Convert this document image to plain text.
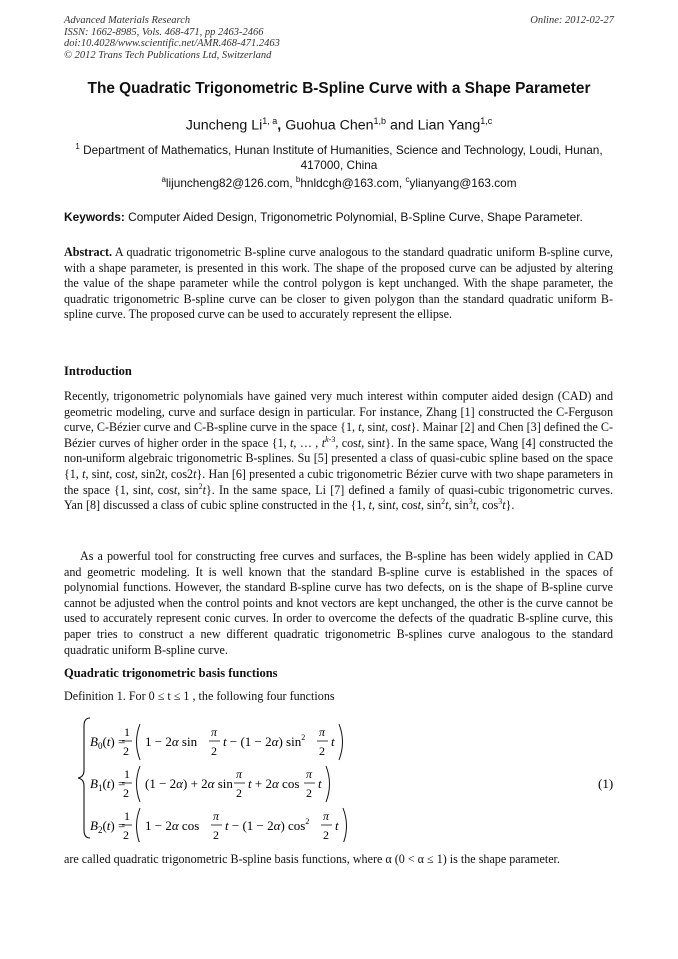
Advanced Materials Research
ISSN: 1662-8985, Vols. 468-471, pp 2463-2466
doi:10.4028/www.scientific.net/AMR.468-471.2463
© 2012 Trans Tech Publications Ltd, Switzerland
Online: 2012-02-27
The Quadratic Trigonometric B-Spline Curve with a Shape Parameter
Juncheng Li$^{1, a}$, Guohua Chen$^{1,b}$ and Lian Yang$^{1,c}$
$^1$ Department of Mathematics, Hunan Institute of Humanities, Science and Technology, Loudi, Hunan, 417000, China
$^a$lijuncheng82@126.com, $^b$hnldcgh@163.com, $^c$ylianyang@163.com
Keywords: Computer Aided Design, Trigonometric Polynomial, B-Spline Curve, Shape Parameter.
Abstract. A quadratic trigonometric B-spline curve analogous to the standard quadratic uniform B-spline curve, with a shape parameter, is presented in this work. The shape of the proposed curve can be adjusted by altering the value of the shape parameter while the control polygon is kept unchanged. With the shape parameter, the quadratic trigonometric B-spline curve can be closer to given polygon than the standard quadratic uniform B-spline curve. The proposed curve can be used to accurately represent the ellipse.
Introduction
Recently, trigonometric polynomials have gained very much interest within computer aided design (CAD) and geometric modeling, curve and surface design in particular. For instance, Zhang [1] constructed the C-Ferguson curve, C-Bézier curve and C-B-spline curve in the space {1, t, sint, cost}. Mainar [2] and Chen [3] defined the C- Bézier curves of higher order in the space {1, t, … , $t^{k-3}$, cost, sint}. In the same space, Wang [4] constructed the non-uniform algebraic trigonometric B-splines. Su [5] presented a class of quasi-cubic spline based on the space {1, t, sint, cost, sin2t, cos2t}. Han [6] presented a cubic trigonometric Bézier curve with two shape parameters in the space {1, sint, cost, $\sin^2t$}. In the same space, Li [7] defined a family of quasi-cubic trigonometric curves. Yan [8] discussed a class of cubic spline constructed in the {1, t, sint, cost, $\sin^2t$, $\sin^3t$, $\cos^3t$}.
As a powerful tool for constructing free curves and surfaces, the B-spline has been widely applied in CAD and geometric modeling. It is well known that the standard B-spline curve is established in the spaces of polynomial functions. However, the standard B-spline curve has two defects, on is the shape of B-spline curve cannot be adjusted when the control points and knot vectors are kept unchanged, the other is the curve cannot be used to accurately represent conic curves. In order to overcome the defects of the quadratic B-spline curve, this paper tries to construct a new different quadratic trigonometric B-splines curve analogous to the standard quadratic uniform B-spline curve.
Quadratic trigonometric basis functions
Definition 1. For 0 ≤ t ≤ 1 , the following four functions
$B_0(t)$ =
1
2
1 − 2α sin
π
2
t − (1 − 2α) $\sin^2 \pi$
2
t
$B_1(t)$ =
1
2
(1 − 2α) + 2α sin
π
2
t + 2α cos
π
2
t	(1)
$B_2(t)$ =
1
2
1 − 2α cos
π
2
t − (1 − 2α) $\cos^2 \pi$
2
t
are called quadratic trigonometric B-spline basis functions, where α (0 < α ≤ 1) is the shape parameter.
